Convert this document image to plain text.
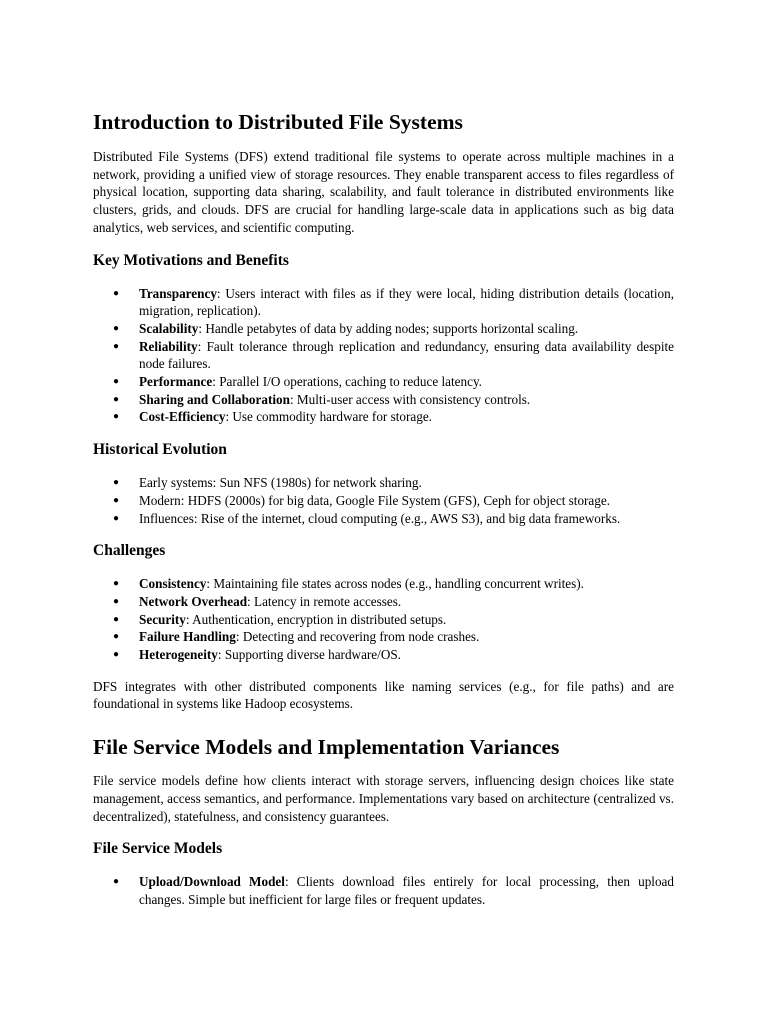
Introduction to Distributed File Systems

Distributed File Systems (DFS) extend traditional file systems to operate across multiple machines in a network, providing a unified view of storage resources. They enable transparent access to files regardless of physical location, supporting data sharing, scalability, and fault tolerance in distributed environments like clusters, grids, and clouds. DFS are crucial for handling large-scale data in applications such as big data analytics, web services, and scientific computing.

Key Motivations and Benefits
● Transparency: Users interact with files as if they were local, hiding distribution details (location, migration, replication).
● Scalability: Handle petabytes of data by adding nodes; supports horizontal scaling.
● Reliability: Fault tolerance through replication and redundancy, ensuring data availability despite node failures.
● Performance: Parallel I/O operations, caching to reduce latency.
● Sharing and Collaboration: Multi-user access with consistency controls.
● Cost-Efficiency: Use commodity hardware for storage.
Historical Evolution
● Early systems: Sun NFS (1980s) for network sharing.
● Modern: HDFS (2000s) for big data, Google File System (GFS), Ceph for object storage.
● Influences: Rise of the internet, cloud computing (e.g., AWS S3), and big data frameworks.
Challenges
● Consistency: Maintaining file states across nodes (e.g., handling concurrent writes).
● Network Overhead: Latency in remote accesses.
● Security: Authentication, encryption in distributed setups.
● Failure Handling: Detecting and recovering from node crashes.
● Heterogeneity: Supporting diverse hardware/OS.

DFS integrates with other distributed components like naming services (e.g., for file paths) and are foundational in systems like Hadoop ecosystems.

File Service Models and Implementation Variances

File service models define how clients interact with storage servers, influencing design choices like state management, access semantics, and performance. Implementations vary based on architecture (centralized vs. decentralized), statefulness, and consistency guarantees.

File Service Models
● Upload/Download Model: Clients download files entirely for local processing, then upload changes. Simple but inefficient for large files or frequent updates.
